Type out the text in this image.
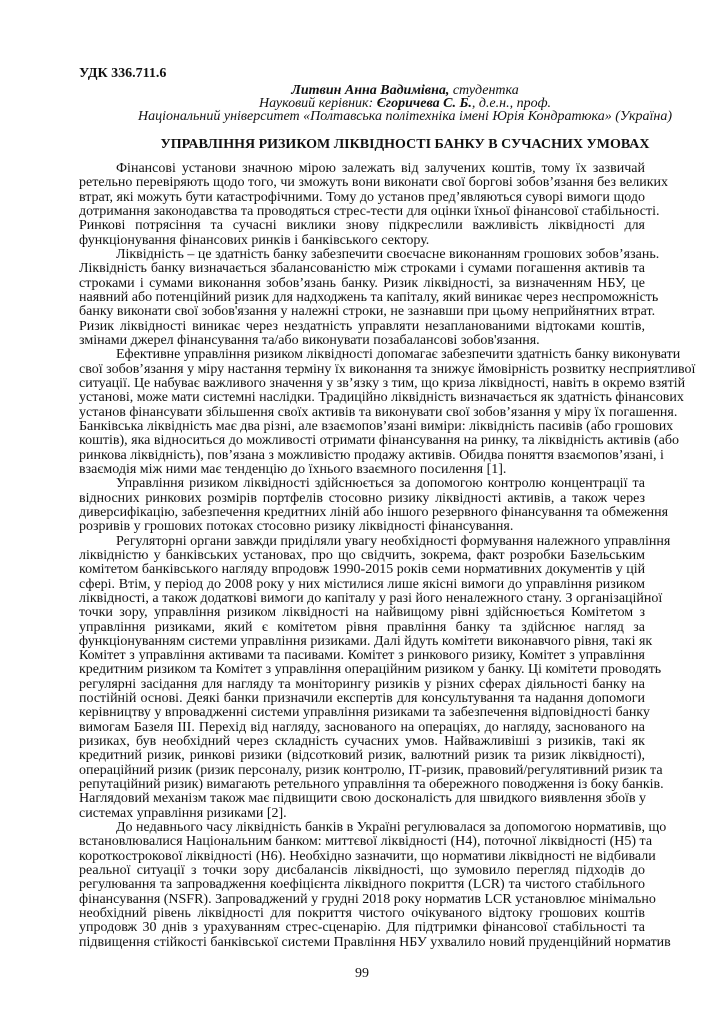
УДК 336.711.6
Литвин Анна Вадимівна, студентка
Науковий керівник: Єгоричева С. Б., д.е.н., проф.
Національний університет «Полтавська політехніка імені Юрія Кондратюка» (Україна)
УПРАВЛІННЯ РИЗИКОМ ЛІКВІДНОСТІ БАНКУ В СУЧАСНИХ УМОВАХ
Фінансові установи значною мірою залежать від залучених коштів, тому їх зазвичай
ретельно перевіряють щодо того, чи зможуть вони виконати свої боргові зобов’язання без великих
втрат, які можуть бути катастрофічними. Тому до установ пред’являються суворі вимоги щодо
дотримання законодавства та проводяться стрес-тести для оцінки їхньої фінансової стабільності.
Ринкові потрясіння та сучасні виклики знову підкреслили важливість ліквідності для
функціонування фінансових ринків і банківського сектору.
Ліквідність – це здатність банку забезпечити своєчасне виконанням грошових зобов’язань.
Ліквідність банку визначається збалансованістю між строками і сумами погашення активів та
строками і сумами виконання зобов’язань банку. Ризик ліквідності, за визначенням НБУ, це
наявний або потенційний ризик для надходжень та капіталу, який виникає через неспроможність
банку виконати свої зобов'язання у належні строки, не зазнавши при цьому неприйнятних втрат.
Ризик ліквідності виникає через нездатність управляти незапланованими відтоками коштів,
змінами джерел фінансування та/або виконувати позабалансові зобов'язання.
Ефективне управління ризиком ліквідності допомагає забезпечити здатність банку виконувати
свої зобов’язання у міру настання терміну їх виконання та знижує ймовірність розвитку несприятливої
ситуації. Це набуває важливого значення у зв’язку з тим, що криза ліквідності, навіть в окремо взятій
установі, може мати системні наслідки. Традиційно ліквідність визначається як здатність фінансових
установ фінансувати збільшення своїх активів та виконувати свої зобов’язання у міру їх погашення.
Банківська ліквідність має два різні, але взаємопов’язані виміри: ліквідність пасивів (або грошових
коштів), яка відноситься до можливості отримати фінансування на ринку, та ліквідність активів (або
ринкова ліквідність), пов’язана з можливістю продажу активів. Обидва поняття взаємопов’язані, і
взаємодія між ними має тенденцію до їхнього взаємного посилення [1].
Управління ризиком ліквідності здійснюється за допомогою контролю концентрації та
відносних ринкових розмірів портфелів стосовно ризику ліквідності активів, а також через
диверсифікацію, забезпечення кредитних ліній або іншого резервного фінансування та обмеження
розривів у грошових потоках стосовно ризику ліквідності фінансування.
Регуляторні органи завжди приділяли увагу необхідності формування належного управління
ліквідністю у банківських установах, про що свідчить, зокрема, факт розробки Базельським
комітетом банківського нагляду впродовж 1990-2015 років семи нормативних документів у цій
сфері. Втім, у період до 2008 року у них містилися лише якісні вимоги до управління ризиком
ліквідності, а також додаткові вимоги до капіталу у разі його неналежного стану. З організаційної
точки зору, управління ризиком ліквідності на найвищому рівні здійснюється Комітетом з
управління ризиками, який є комітетом рівня правління банку та здійснює нагляд за
функціонуванням системи управління ризиками. Далі йдуть комітети виконавчого рівня, такі як
Комітет з управління активами та пасивами. Комітет з ринкового ризику, Комітет з управління
кредитним ризиком та Комітет з управління операційним ризиком у банку. Ці комітети проводять
регулярні засідання для нагляду та моніторингу ризиків у різних сферах діяльності банку на
постійній основі. Деякі банки призначили експертів для консультування та надання допомоги
керівництву у впровадженні системи управління ризиками та забезпечення відповідності банку
вимогам Базеля ІІІ. Перехід від нагляду, заснованого на операціях, до нагляду, заснованого на
ризиках, був необхідний через складність сучасних умов. Найважливіші з ризиків, такі як
кредитний ризик, ринкові ризики (відсотковий ризик, валютний ризик та ризик ліквідності),
операційний ризик (ризик персоналу, ризик контролю, ІТ-ризик, правовий/регулятивний ризик та
репутаційний ризик) вимагають ретельного управління та обережного поводження із боку банків.
Наглядовий механізм також має підвищити свою досконаліcть для швидкого виявлення збоїв у
системах управління ризиками [2].
До недавнього часу ліквідність банків в Україні регулювалася за допомогою нормативів, що
встановлювалися Національним банком: миттєвої ліквідності (Н4), поточної ліквідності (Н5) та
короткострокової ліквідності (Н6). Необхідно зазначити, що нормативи ліквідності не відбивали
реальної ситуації з точки зору дисбалансів ліквідності, що зумовило перегляд підходів до
регулювання та запровадження коефіцієнта ліквідного покриття (LCR) та чистого стабільного
фінансування (NSFR). Запроваджений у грудні 2018 року норматив LCR установлює мінімально
необхідний рівень ліквідності для покриття чистого очікуваного відтоку грошових коштів
упродовж 30 днів з урахуванням стрес-сценарію. Для підтримки фінансової стабільності та
підвищення стійкості банківської системи Правління НБУ ухвалило новий пруденційний норматив
99
